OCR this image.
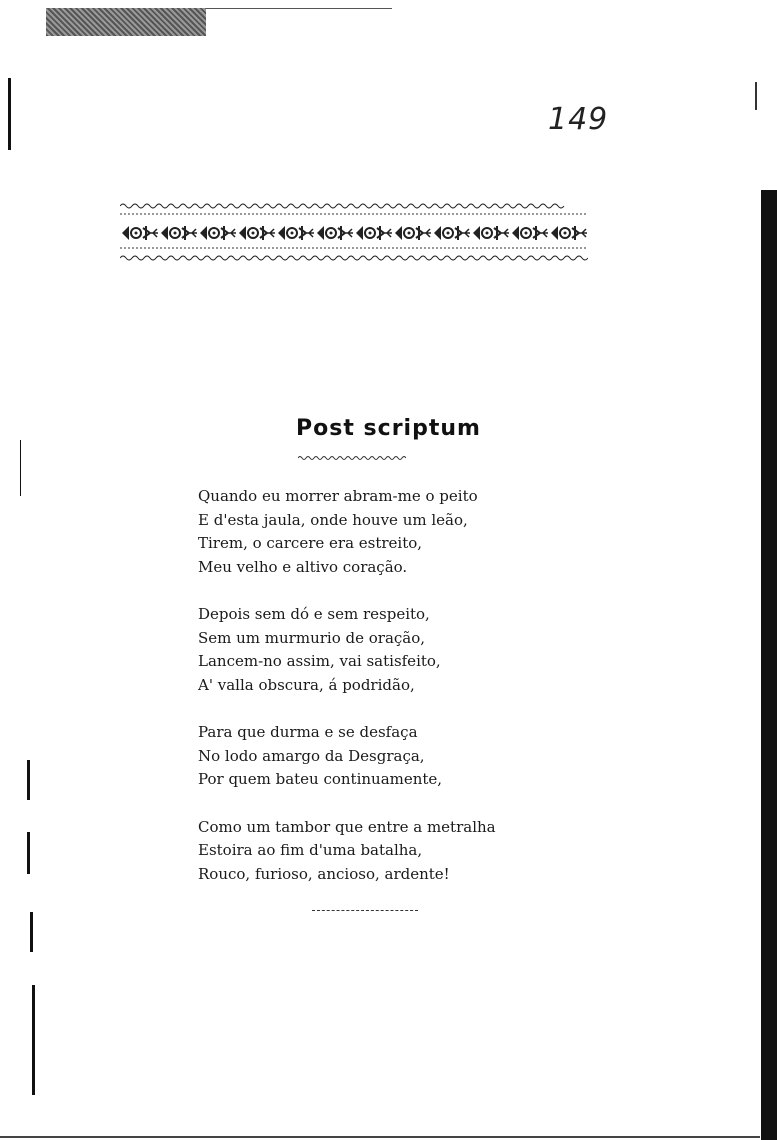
149
Post scriptum
Quando eu morrer abram-me o peito
E d'esta jaula, onde houve um leão,
Tirem, o carcere era estreito,
Meu velho e altivo coração.
Depois sem dó e sem respeito,
Sem um murmurio de oração,
Lancem-no assim, vai satisfeito,
A' valla obscura, á podridão,
Para que durma e se desfaça
No lodo amargo da Desgraça,
Por quem bateu continuamente,
Como um tambor que entre a metralha
Estoira ao fim d'uma batalha,
Rouco, furioso, ancioso, ardente!
